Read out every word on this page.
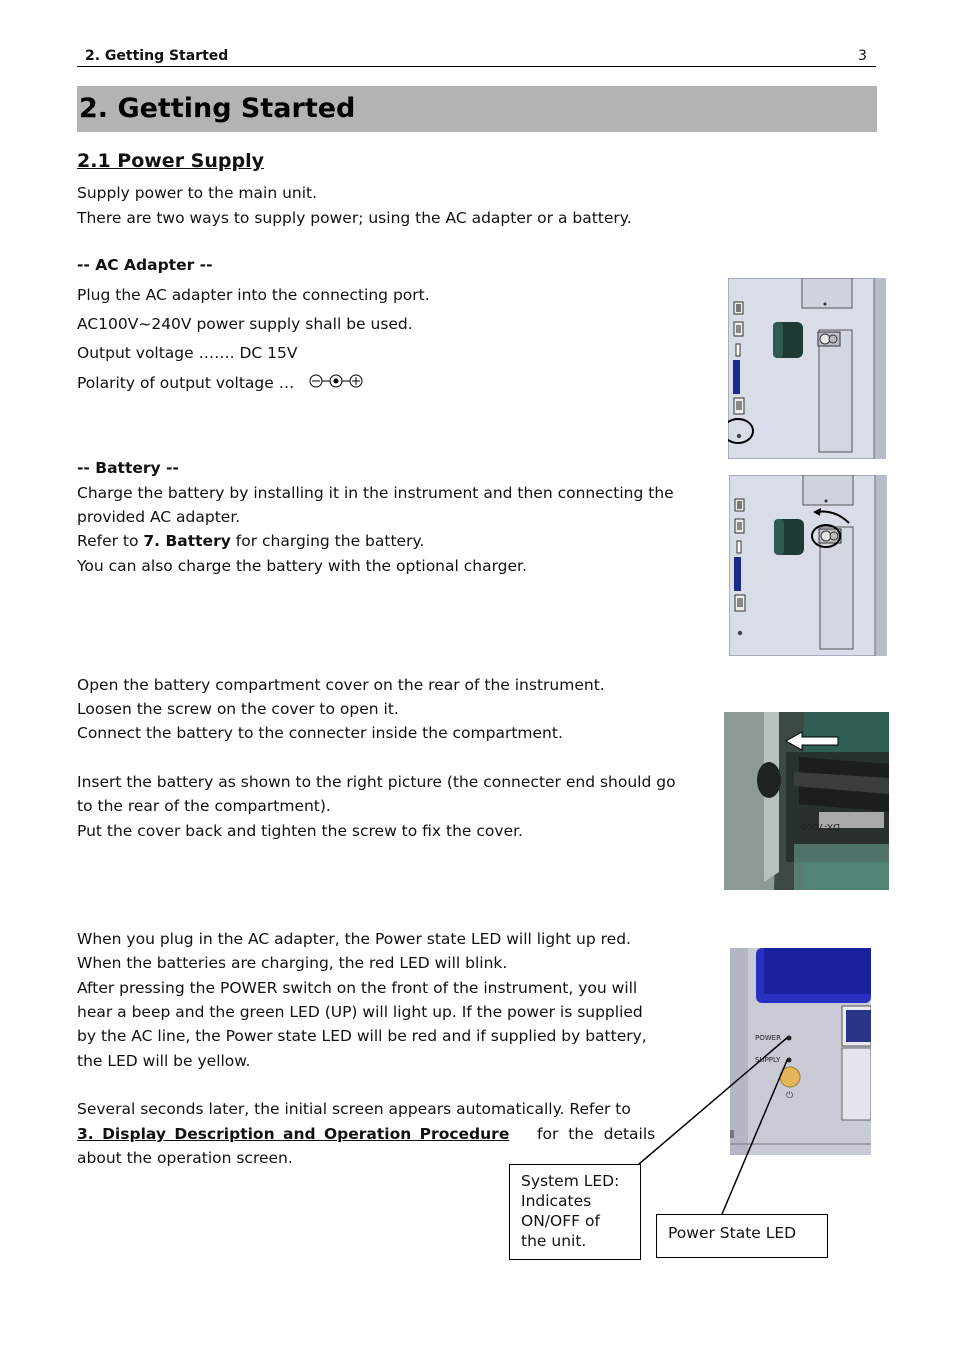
2. Getting Started	3
2. Getting Started
2.1 Power Supply
Supply power to the main unit.
There are two ways to supply power; using the AC adapter or a battery.
-- AC Adapter --
Plug the AC adapter into the connecting port.
AC100V~240V power supply shall be used.
Output voltage ……. DC 15V
Polarity of output voltage …
-- Battery --
Charge the battery by installing it in the instrument and then connecting the
provided AC adapter.
Refer to 7. Battery for charging the battery.
You can also charge the battery with the optional charger.
Open the battery compartment cover on the rear of the instrument.
Loosen the screw on the cover to open it.
Connect the battery to the connecter inside the compartment.
Insert the battery as shown to the right picture (the connecter end should go
to the rear of the compartment).
Put the cover back and tighten the screw to fix the cover.
When you plug in the AC adapter, the Power state LED will light up red.
When the batteries are charging, the red LED will blink.
After pressing the POWER switch on the front of the instrument, you will
hear a beep and the green LED (UP) will light up. If the power is supplied
by the AC line, the Power state LED will be red and if supplied by battery,
the LED will be yellow.
Several seconds later, the initial screen appears automatically. Refer to
3. Display Description and Operation Procedure for the details
about the operation screen.
DX-7000
POWER
SUPPLY
⏻
System LED: Indicates ON/OFF of the unit.	Power State LED
